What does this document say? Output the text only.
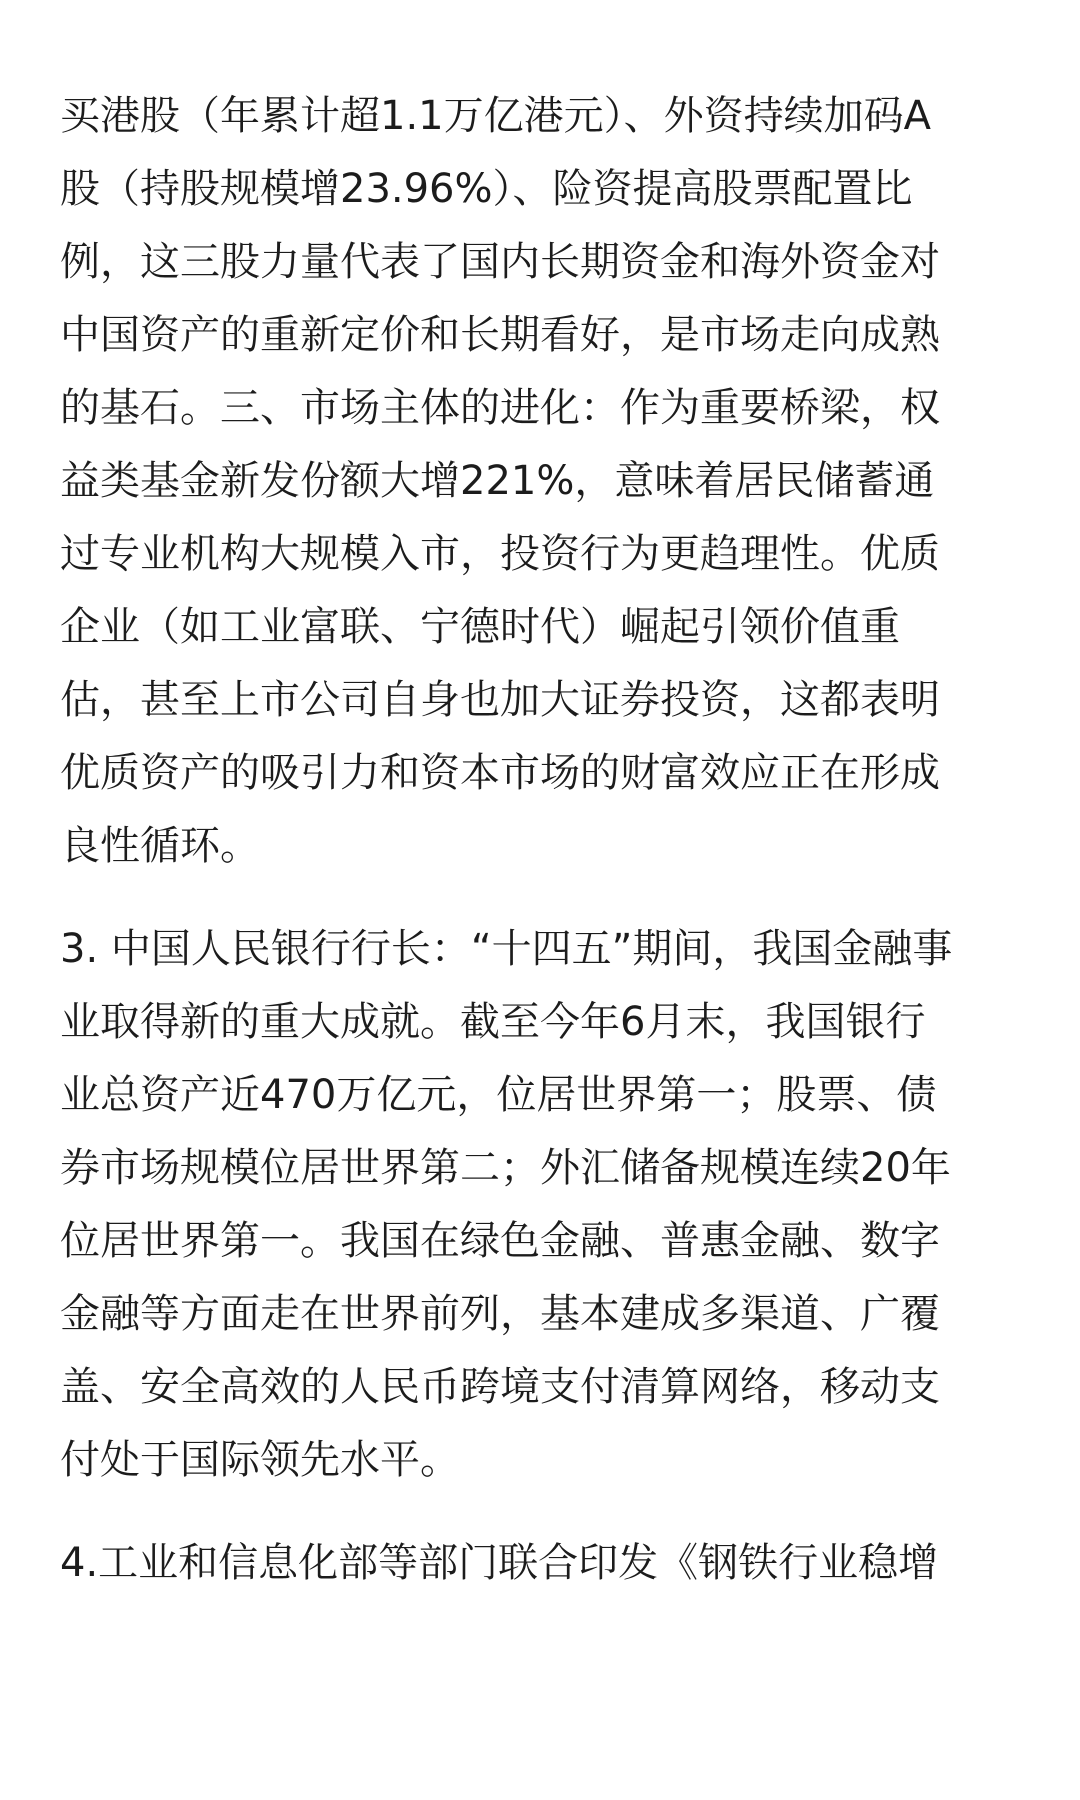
买港股（年累计超1.1万亿港元）、外资持续加码A
股（持股规模增23.96%）、险资提高股票配置比
例，这三股力量代表了国内长期资金和海外资金对
中国资产的重新定价和长期看好，是市场走向成熟
的基石。三、市场主体的进化：作为重要桥梁，权
益类基金新发份额大增221%，意味着居民储蓄通
过专业机构大规模入市，投资行为更趋理性。优质
企业（如工业富联、宁德时代）崛起引领价值重
估，甚至上市公司自身也加大证券投资，这都表明
优质资产的吸引力和资本市场的财富效应正在形成
良性循环。
3. 中国人民银行行长：“十四五”期间，我国金融事
业取得新的重大成就。截至今年6月末，我国银行
业总资产近470万亿元，位居世界第一；股票、债
券市场规模位居世界第二；外汇储备规模连续20年
位居世界第一。我国在绿色金融、普惠金融、数字
金融等方面走在世界前列，基本建成多渠道、广覆
盖、安全高效的人民币跨境支付清算网络，移动支
付处于国际领先水平。
4.工业和信息化部等部门联合印发《钢铁行业稳增
